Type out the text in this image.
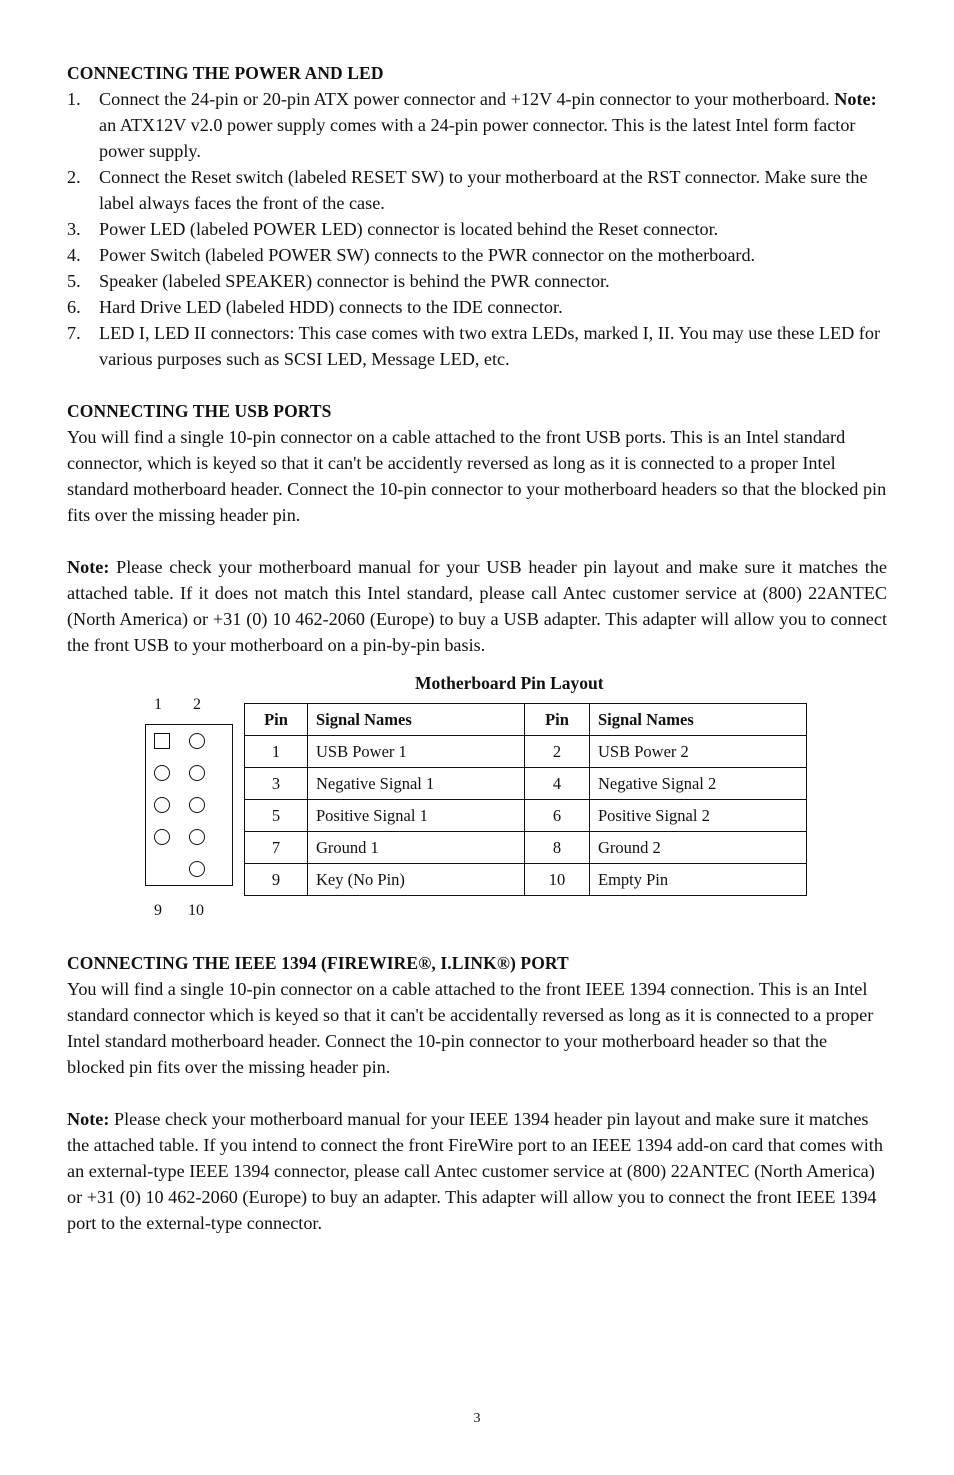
CONNECTING THE POWER AND LED
1. Connect the 24-pin or 20-pin ATX power connector and +12V 4-pin connector to your motherboard. Note: an ATX12V v2.0 power supply comes with a 24-pin power connector. This is the latest Intel form factor power supply.
2. Connect the Reset switch (labeled RESET SW) to your motherboard at the RST connector. Make sure the label always faces the front of the case.
3. Power LED (labeled POWER LED) connector is located behind the Reset connector.
4. Power Switch (labeled POWER SW) connects to the PWR connector on the motherboard.
5. Speaker (labeled SPEAKER) connector is behind the PWR connector.
6. Hard Drive LED (labeled HDD) connects to the IDE connector.
7. LED I, LED II connectors: This case comes with two extra LEDs, marked I, II. You may use these LED for various purposes such as SCSI LED, Message LED, etc.
CONNECTING THE USB PORTS

You will find a single 10-pin connector on a cable attached to the front USB ports. This is an Intel standard connector, which is keyed so that it can't be accidently reversed as long as it is connected to a proper Intel standard motherboard header. Connect the 10-pin connector to your motherboard headers so that the blocked pin fits over the missing header pin.

Note: Please check your motherboard manual for your USB header pin layout and make sure it matches the attached table. If it does not match this Intel standard, please call Antec customer service at (800) 22ANTEC (North America) or +31 (0) 10 462-2060 (Europe) to buy a USB adapter. This adapter will allow you to connect the front USB to your motherboard on a pin-by-pin basis.

Motherboard Pin Layout
1 2
9 10
Pin	Signal Names	Pin	Signal Names
1	USB Power 1	2	USB Power 2
3	Negative Signal 1	4	Negative Signal 2
5	Positive Signal 1	6	Positive Signal 2
7	Ground 1	8	Ground 2
9	Key (No Pin)	10	Empty Pin
CONNECTING THE IEEE 1394 (FIREWIRE®, I.LINK®) PORT

You will find a single 10-pin connector on a cable attached to the front IEEE 1394 connection. This is an Intel standard connector which is keyed so that it can't be accidentally reversed as long as it is connected to a proper Intel standard motherboard header. Connect the 10-pin connector to your motherboard header so that the blocked pin fits over the missing header pin.

Note: Please check your motherboard manual for your IEEE 1394 header pin layout and make sure it matches the attached table. If you intend to connect the front FireWire port to an IEEE 1394 add-on card that comes with an external-type IEEE 1394 connector, please call Antec customer service at (800) 22ANTEC (North America) or +31 (0) 10 462-2060 (Europe) to buy an adapter. This adapter will allow you to connect the front IEEE 1394 port to the external-type connector.

3
